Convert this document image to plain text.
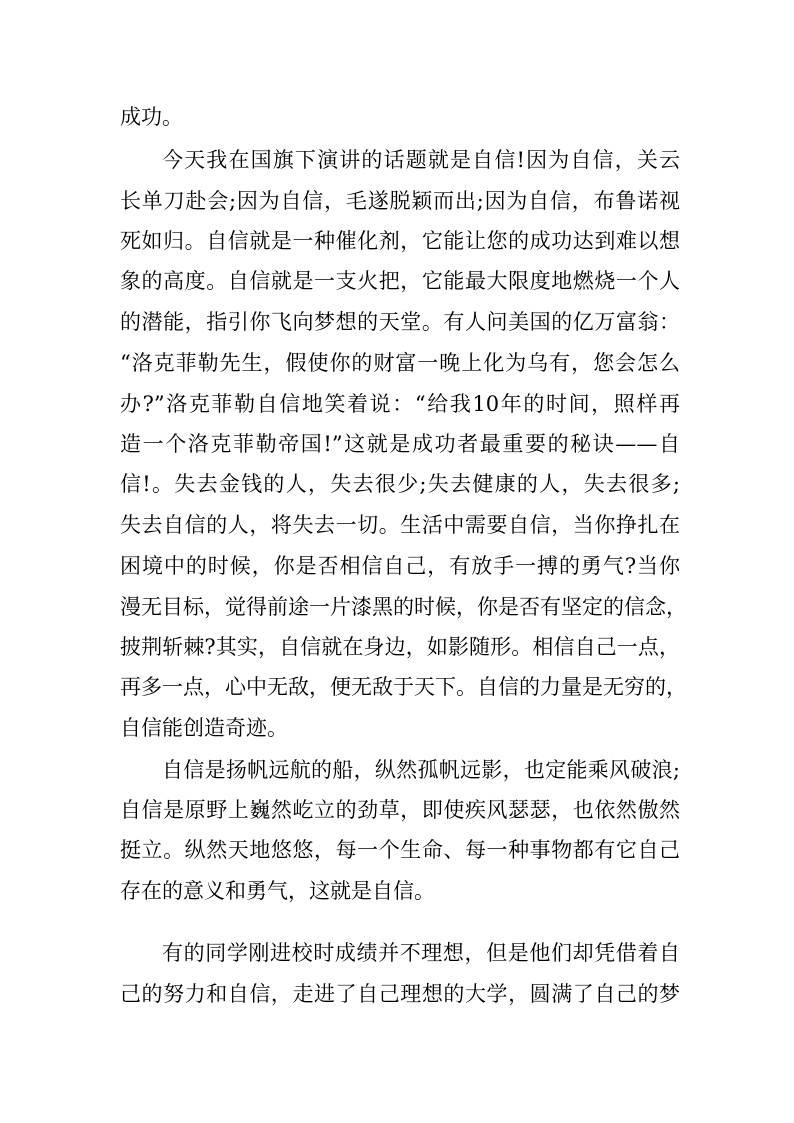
成功。
今天我在国旗下演讲的话题就是自信!因为自信，关云
长单刀赴会;因为自信，毛遂脱颖而出;因为自信，布鲁诺视
死如归。自信就是一种催化剂，它能让您的成功达到难以想
象的高度。自信就是一支火把，它能最大限度地燃烧一个人
的潜能，指引你飞向梦想的天堂。有人问美国的亿万富翁：
“洛克菲勒先生，假使你的财富一晚上化为乌有，您会怎么
办?”洛克菲勒自信地笑着说：“给我10年的时间，照样再
造一个洛克菲勒帝国!”这就是成功者最重要的秘诀——自
信!。失去金钱的人，失去很少;失去健康的人，失去很多;
失去自信的人，将失去一切。生活中需要自信，当你挣扎在
困境中的时候，你是否相信自己，有放手一搏的勇气?当你
漫无目标，觉得前途一片漆黑的时候，你是否有坚定的信念，
披荆斩棘?其实，自信就在身边，如影随形。相信自己一点，
再多一点，心中无敌，便无敌于天下。自信的力量是无穷的，
自信能创造奇迹。
自信是扬帆远航的船，纵然孤帆远影，也定能乘风破浪;
自信是原野上巍然屹立的劲草，即使疾风瑟瑟，也依然傲然
挺立。纵然天地悠悠，每一个生命、每一种事物都有它自己
存在的意义和勇气，这就是自信。
有的同学刚进校时成绩并不理想，但是他们却凭借着自
己的努力和自信，走进了自己理想的大学，圆满了自己的梦
